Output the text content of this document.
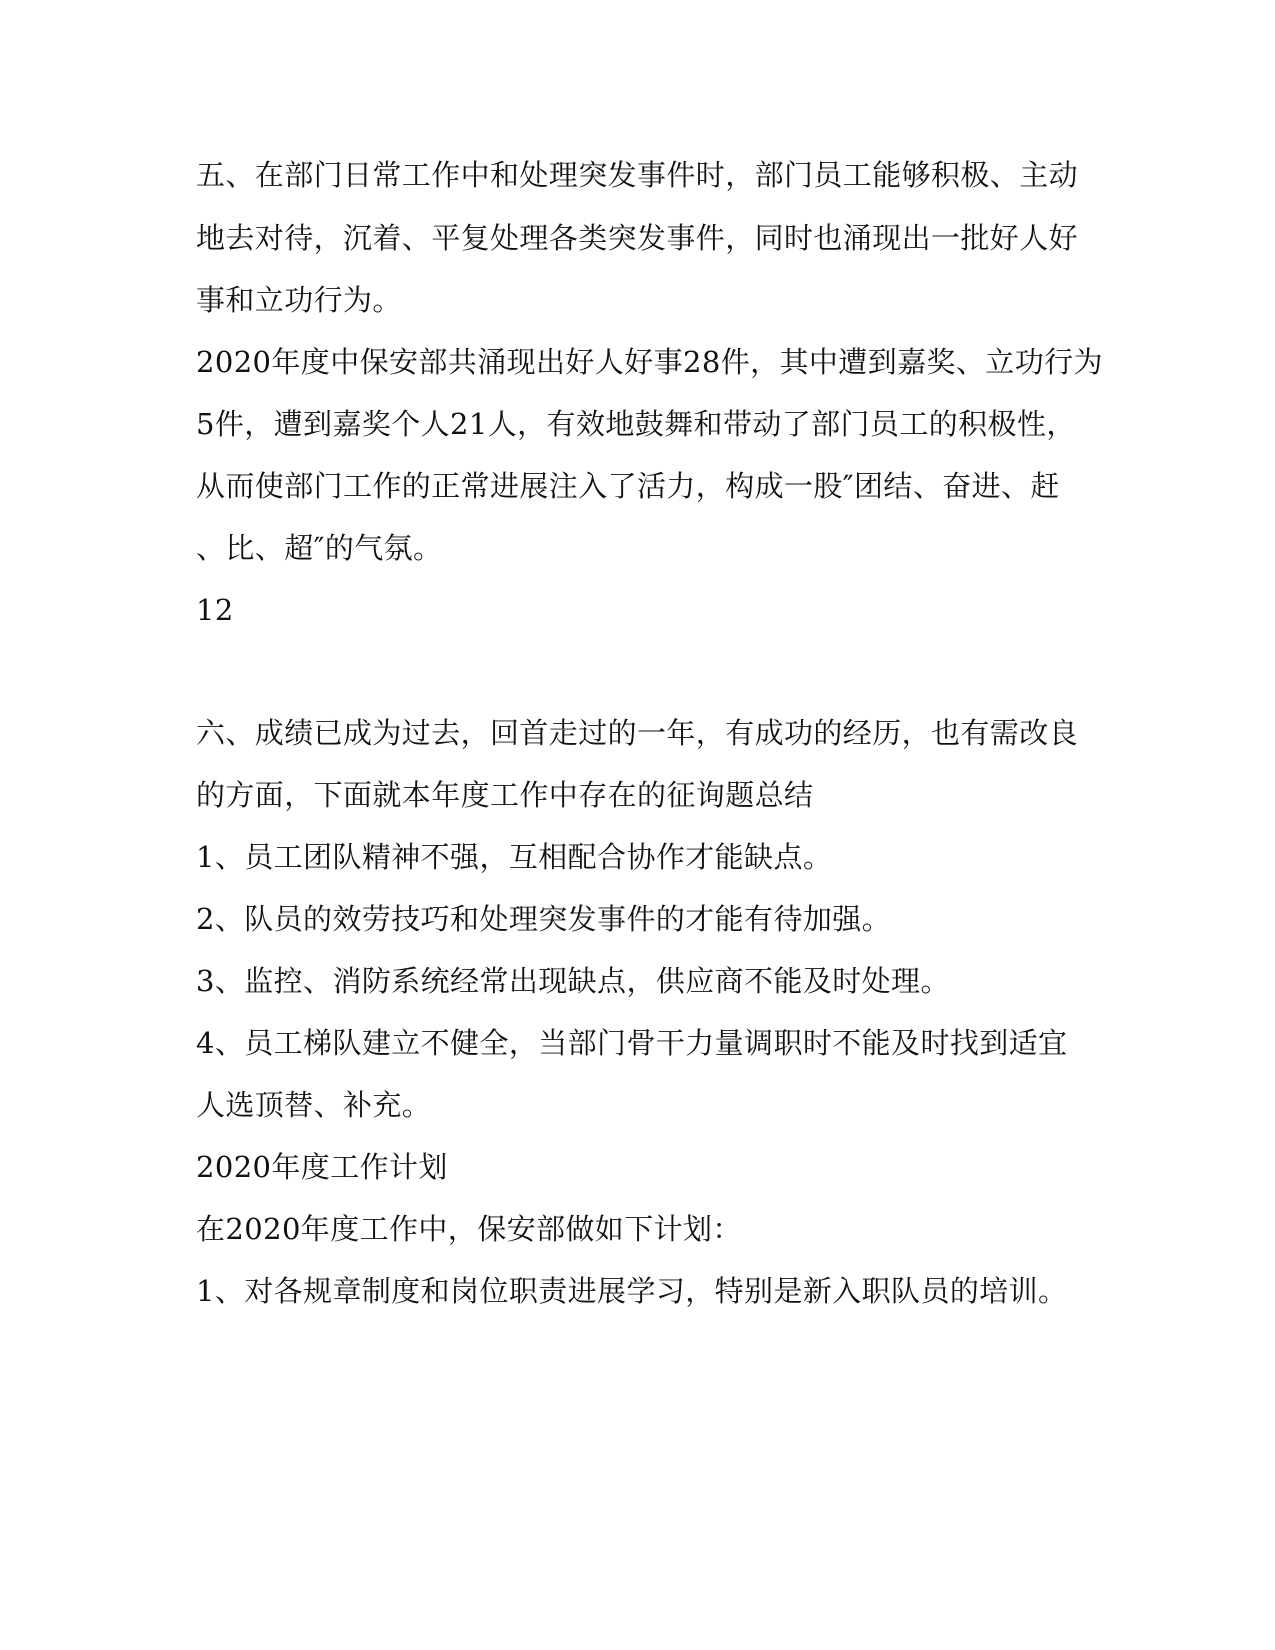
五、在部门日常工作中和处理突发事件时，部门员工能够积极、主动
地去对待，沉着、平复处理各类突发事件，同时也涌现出一批好人好
事和立功行为。
2020年度中保安部共涌现出好人好事28件，其中遭到嘉奖、立功行为
5件，遭到嘉奖个人21人，有效地鼓舞和带动了部门员工的积极性，
从而使部门工作的正常进展注入了活力，构成一股″团结、奋进、赶
、比、超″的气氛。
12
六、成绩已成为过去，回首走过的一年，有成功的经历，也有需改良
的方面，下面就本年度工作中存在的征询题总结
1、员工团队精神不强，互相配合协作才能缺点。
2、队员的效劳技巧和处理突发事件的才能有待加强。
3、监控、消防系统经常出现缺点，供应商不能及时处理。
4、员工梯队建立不健全，当部门骨干力量调职时不能及时找到适宜
人选顶替、补充。
2020年度工作计划
在2020年度工作中，保安部做如下计划：
1、对各规章制度和岗位职责进展学习，特别是新入职队员的培训。
